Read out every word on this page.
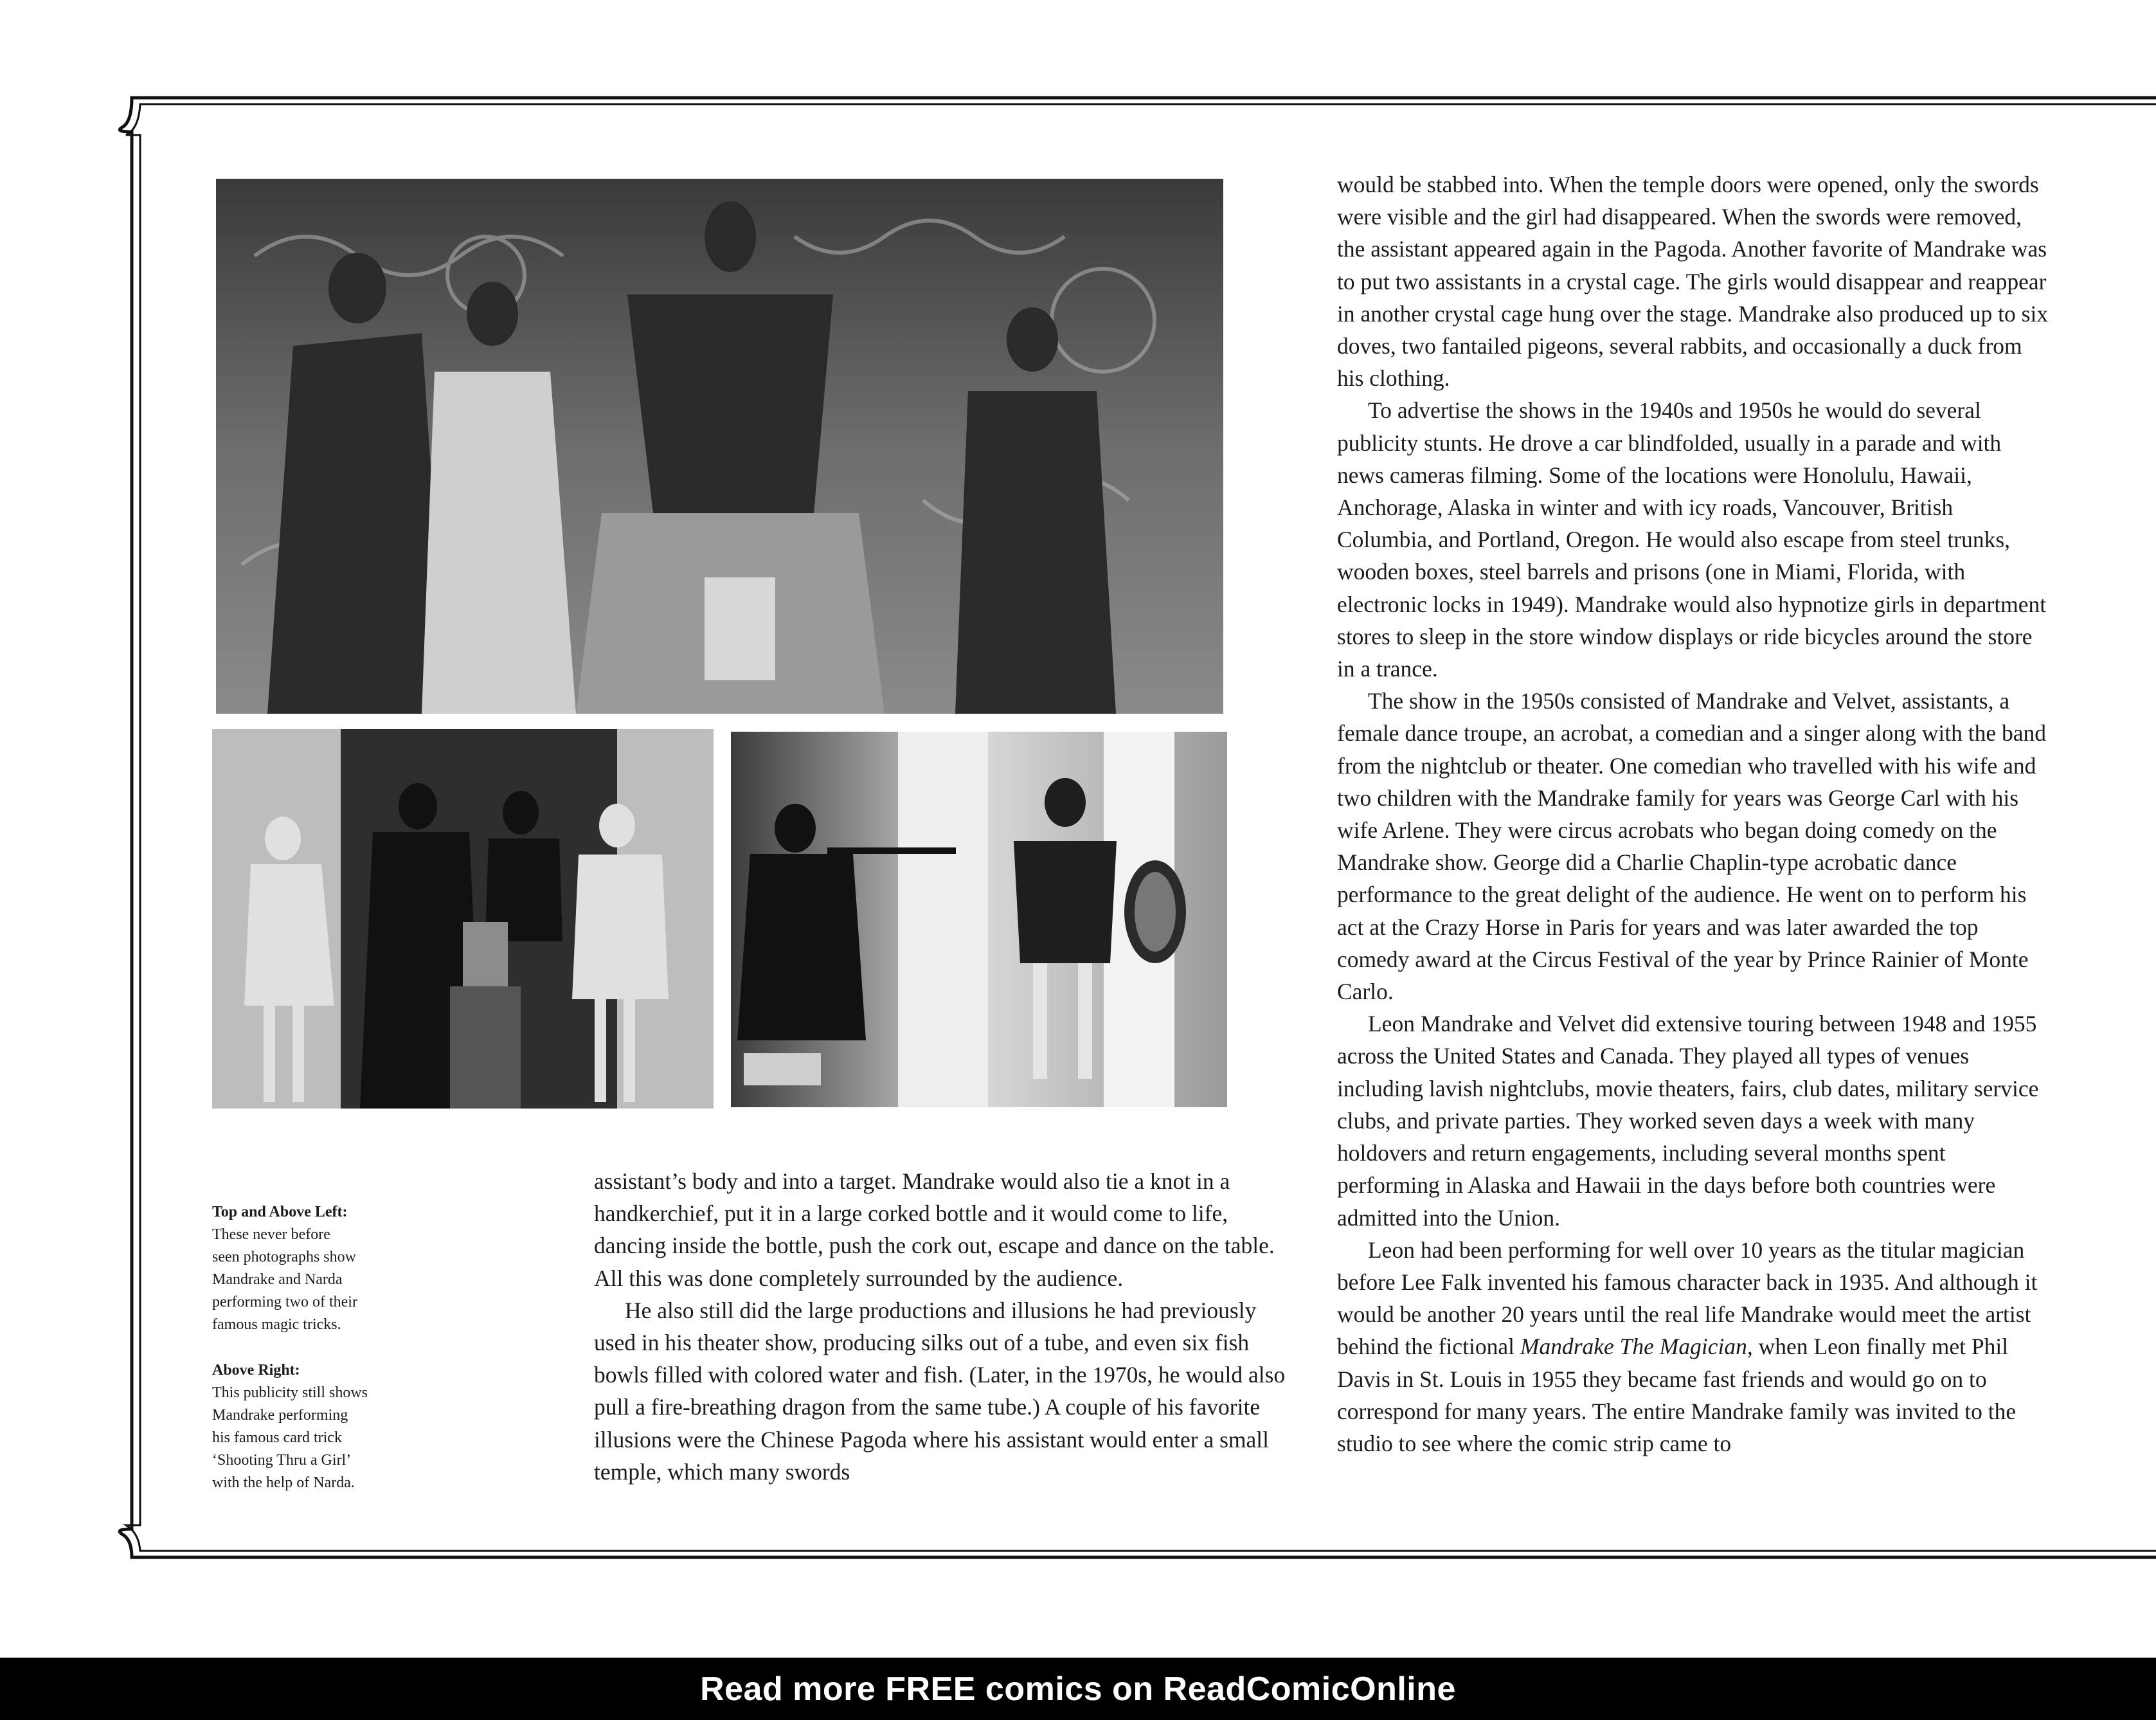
Top and Above Left:
These never before
seen photographs show
Mandrake and Narda
performing two of their
famous magic tricks.
Above Right:
This publicity still shows
Mandrake performing
his famous card trick
‘Shooting Thru a Girl’
with the help of Narda.

assistant’s body and into a target. Mandrake would also tie a knot in a handkerchief, put it in a large corked bottle and it would come to life, dancing inside the bottle, push the cork out, escape and dance on the table. All this was done completely surrounded by the audience.

He also still did the large productions and illusions he had previously used in his theater show, producing silks out of a tube, and even six fish bowls filled with colored water and fish. (Later, in the 1970s, he would also pull a fire-breathing dragon from the same tube.) A couple of his favorite illusions were the Chinese Pagoda where his assistant would enter a small temple, which many swords

would be stabbed into. When the temple doors were opened, only the swords were visible and the girl had disappeared. When the swords were removed, the assistant appeared again in the Pagoda. Another favorite of Mandrake was to put two assistants in a crystal cage. The girls would disappear and reappear in another crystal cage hung over the stage. Mandrake also produced up to six doves, two fantailed pigeons, several rabbits, and occasionally a duck from his clothing.

To advertise the shows in the 1940s and 1950s he would do several publicity stunts. He drove a car blindfolded, usually in a parade and with news cameras filming. Some of the locations were Honolulu, Hawaii, Anchorage, Alaska in winter and with icy roads, Vancouver, British Columbia, and Portland, Oregon. He would also escape from steel trunks, wooden boxes, steel barrels and prisons (one in Miami, Florida, with electronic locks in 1949). Mandrake would also hypnotize girls in department stores to sleep in the store window displays or ride bicycles around the store in a trance.

The show in the 1950s consisted of Mandrake and Velvet, assistants, a female dance troupe, an acrobat, a comedian and a singer along with the band from the nightclub or theater. One comedian who travelled with his wife and two children with the Mandrake family for years was George Carl with his wife Arlene. They were circus acrobats who began doing comedy on the Mandrake show. George did a Charlie Chaplin-type acrobatic dance performance to the great delight of the audience. He went on to perform his act at the Crazy Horse in Paris for years and was later awarded the top comedy award at the Circus Festival of the year by Prince Rainier of Monte Carlo.

Leon Mandrake and Velvet did extensive touring between 1948 and 1955 across the United States and Canada. They played all types of venues including lavish nightclubs, movie theaters, fairs, club dates, military service clubs, and private parties. They worked seven days a week with many holdovers and return engagements, including several months spent performing in Alaska and Hawaii in the days before both countries were admitted into the Union.

Leon had been performing for well over 10 years as the titular magician before Lee Falk invented his famous character back in 1935. And although it would be another 20 years until the real life Mandrake would meet the artist behind the fictional Mandrake The Magician, when Leon finally met Phil Davis in St. Louis in 1955 they became fast friends and would go on to correspond for many years. The entire Mandrake family was invited to the studio to see where the comic strip came to

Read more FREE comics on ReadComicOnline
